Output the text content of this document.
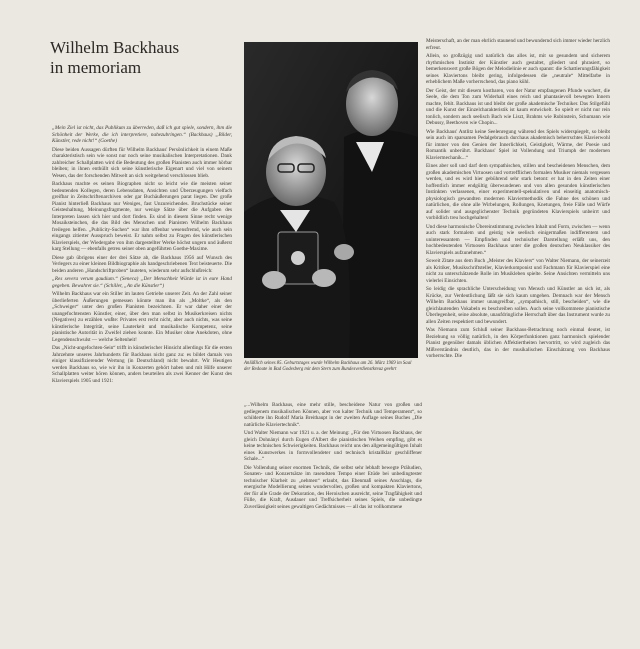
Wilhelm Backhaus
in memoriam

„Mein Ziel ist nicht, das Publikum zu überreden, daß ich gut spiele, sondern, ihm die Schönheit der Werke, die ich interpretiere, nahezubringen.“ (Backhaus) „Bilder, Künstler, rede nicht!“ (Goethe)

Diese beiden Aussagen dürften für Wilhelm Backhaus' Persönlichkeit in einem Maße charakteristisch sein wie sonst nur noch seine musikalischen Interpretationen. Dank zahlreicher Schallplatten wird die Bedeutung des großen Pianisten auch immer hörbar bleiben; in ihnen enthüllt sich seine künstlerische Eigenart und viel von seinem Wesen, das der forschenden Mitwelt an sich weitgehend verschlossen blieb.

Backhaus machte es seinen Biographen nicht so leicht wie die meisten seiner bedeutenden Kollegen, deren Lebensdaten, Ansichten und Überzeugungen vielfach greifbar in Zeitschriftenarchiven oder gar Buchäußerungen parat liegen. Der große Pianist hinterließ Backhaus nur Weniges, fast Unzureichendes. Bruchstücke seiner Geisteshaltung, Meinungsfragmente, nur wenige Sätze über die Aufgaben des Interpreten lassen sich hier und dort finden. Es sind in diesem Sinne recht wenige Mosaiksteinchen, die das Bild des Menschen und Pianisten Wilhelm Backhaus freilegen helfen. „Publicity-Suchen“ war ihm offenbar wesensfremd, wie auch sein eingangs zitierter Ausspruch beweist. Er nahm selbst zu Fragen des künstlerischen Klavierspiels, der Wiedergabe von ihm dargestellter Werke höchst ungern und äußerst karg Stellung — ebenfalls getreu seiner oben angeführten Goethe-Maxime.

Diese gab übrigens einer der drei Sätze ab, die Backhaus 1956 auf Wunsch des Verlegers zu einer kleinen Bildbiographie als handgeschriebenen Text beisteuerte. Die beiden anderen „Handschriftproben“ lauteten, wiederum sehr aufschlußreich:

„Res severa verum gaudium.“ (Seneca) „Der Menschheit Würde ist in eure Hand gegeben. Bewahret sie.“ (Schiller, „An die Künstler“)

Wilhelm Backhaus war ein Stiller im lauten Getriebe unserer Zeit. An der Zahl seiner überlieferten Äußerungen gemessen könnte man ihn als „Moltke“, als den „Schweiger“ unter den großen Pianisten bezeichnen. Er war daher einer der unangefochtensten Künstler, einer, über den man selbst in Musikerkreisen nichts (Negatives) zu erzählen wußte: Privates erst recht nicht, aber auch nichts, was seine künstlerische Integrität, seine Lauterkeit und musikalische Kompetenz, seine pianistische Autorität in Zweifel ziehen konnte. Ein Musiker ohne Anekdoten, ohne Legendenschwulst — welche Seltenheit!

Das „Nicht-angefochten-Sein“ trifft in künstlerischer Hinsicht allerdings für die ersten Jahrzehnte unseres Jahrhunderts für Backhaus nicht ganz zu: es bildet damals von einiger klassifizierender Wertung (in Deutschland) nicht bewahrt. Wir Heutigen werden Backhaus so, wie wir ihn in Konzerten gehört haben und mit Hilfe unserer Schallplatten weiter hören können, anders beurteilen als zwei Kenner der Kunst des Klavierspiels 1905 und 1921:

Anläßlich seines 85. Geburtstages wurde Wilhelm Backhaus am 26. März 1969 im Saal der Redoute in Bad Godesberg mit dem Stern zum Bundesverdienstkreuz geehrt

„...Wilhelm Backhaus, eine mehr stille, bescheidene Natur von großen und gediegenem musikalischen Können, aber von kalter Technik und Temperament“, so schilderte ihn Rudolf Maria Breithaupt in der zweiten Auflage seines Buches „Die natürliche Klaviertechnik“.

Und Walter Niemann war 1921 u. a. der Meinung: „Für den Virtuosen Backhaus, der gleich Dohnányi durch Eugen d'Albert die pianistischen Weihen empfing, gibt es keine technischen Schwierigkeiten. Backhaus reicht uns den allgemeingültigen Inhalt eines Kunstwerkes in formvollendeter und technisch kristallklar geschliffener Schale...“

Die Vollendung seiner enormen Technik, die selbst sehr lebhaft bewegte Präludien, Sonaten- und Konzertsätze im rasendsten Tempo einer Etüde bei unbedingtester technischer Klarheit zu „nehmen“ erlaubt, das Ebenmaß seines Anschlags, die energische Modellierung seines wundervollen, großen und kompakten Klaviertons, der für alle Grade der Dekoration, des Heroischen ausreicht, seine Tragfähigkeit und Fülle, die Kraft, Ausdauer und Treffsicherheit seines Spiels, die unbedingte Zuverlässigkeit seines gewaltigen Gedächtnisses — all das ist vollkommene

Meisterschaft, an der man ehrlich staunend und bewundernd sich immer wieder herzlich erfreut.

Allein, so großzügig und natürlich das alles ist, mit so gesundem und sicherem rhythmischen Instinkt der Künstler auch gestaltet, gliedert und phrasiert, so bemerkenswert große Bögen der Melodielinie er auch spannt: die Schattierungsfähigkeit seines Klaviertons bleibt gering, infolgedessen die „neutrale“ Mittelfarbe in erheblichem Maße vorherrschend, das piano kühl.

Der Geist, der mit diesem kostbaren, von der Natur empfangenen Pfunde wuchert, die Seele, die dem Ton zum Widerhall eines reich und phantasievoll bewegten Innern machte, fehlt. Backhaus ist und bleibt der große akademische Techniker. Das Stilgefühl und die Kunst der Einzelcharakteristik ist kaum entwickelt. So spielt er nicht nur rein tonlich, sondern auch seelisch Bach wie Liszt, Brahms wie Rubinstein, Schumann wie Debussy, Beethoven wie Chopin...

Wie Backhaus' Antlitz keine Seelenregung während des Spiels widerspiegelt, so bleibt sein auch im sparsamen Pedalgebrauch durchaus akademisch beherrschtes Klavierwohl für immer von den Genien der Innerlichkeit, Geistigkeit, Wärme, der Poesie und Romantik unberührt. Backhaus' Spiel ist Vollendung und Triumph der modernen Klaviermechanik...“

Eines aber soll und darf dem sympathischen, stillen und bescheidenen Menschen, dem großen akademischen Virtuosen und vortrefflichen formalen Musiker niemals vergessen werden, und es wird hier gebührend sehr stark betont: er hat in den Zeiten einer hoffentlich immer endgültig überwundenen und von allen gesunden künstlerischen Instinkten verlassenen, einer experimentell-spekulativen und einseitig anatomisch-physiologisch gewandten modernen Klaviermethodik die Fahne des schönen und natürlichen, die ohne alle Wirbelungen, Rollungen, Knetungen, freie Fälle und Würfe auf solider und ausgeglichenster Technik gegründeten Klavierspiels unbeirrt und vorbildlich treu hochgehalten!

Und diese harmonische Übereinstimmung zwischen Inhalt und Form, zwischen — wenn auch stark formalem und geistig wie seelisch einigermaßen indifferentem und uninteressantem — Empfinden und technischer Darstellung erläßt uns, den hochbedeutenden Virtuosen Backhaus unter die großen deutschen Neuklassiker des Klavierspiels aufzunehmen.“

Soweit Zitate aus dem Buch „Meister des Klaviers“ von Walter Niemann, der seinerzeit als Kritiker, Musikschriftsteller, Klavierkomponist und Fachmann für Klavierspiel eine nicht zu unterschätzende Rolle im Musikleben spielte. Seine Ansichten vermitteln uns vielerlei Einsichten.

So leidig die sprachliche Unterscheidung von Mensch und Künstler an sich ist, als Krücke, zur Verdeutlichung läßt sie sich kaum umgehen. Demnach war der Mensch Wilhelm Backhaus immer unangreifbar, „sympathisch, still, bescheiden“, wie die gleichlautenden Vokabeln es beschreiben sollen. Auch seine vollkommene pianistische Überlegenheit, seine absolute, unaufdringliche Herrschaft über das Instrument wurde zu allen Zeiten respektiert und bewundert.

Was Niemann zum Schluß seiner Backhaus-Betrachtung noch einmal deutet, ist Beziehung so völlig natürlich, in den Körperfunktionen ganz harmonisch spielender Pianist gegenüber damals üblichen Affektiertheiten hervortritt, so wird zugleich das Mißverständnis deutlich, das in der musikalischen Einschätzung von Backhaus vorherrschte. Die
